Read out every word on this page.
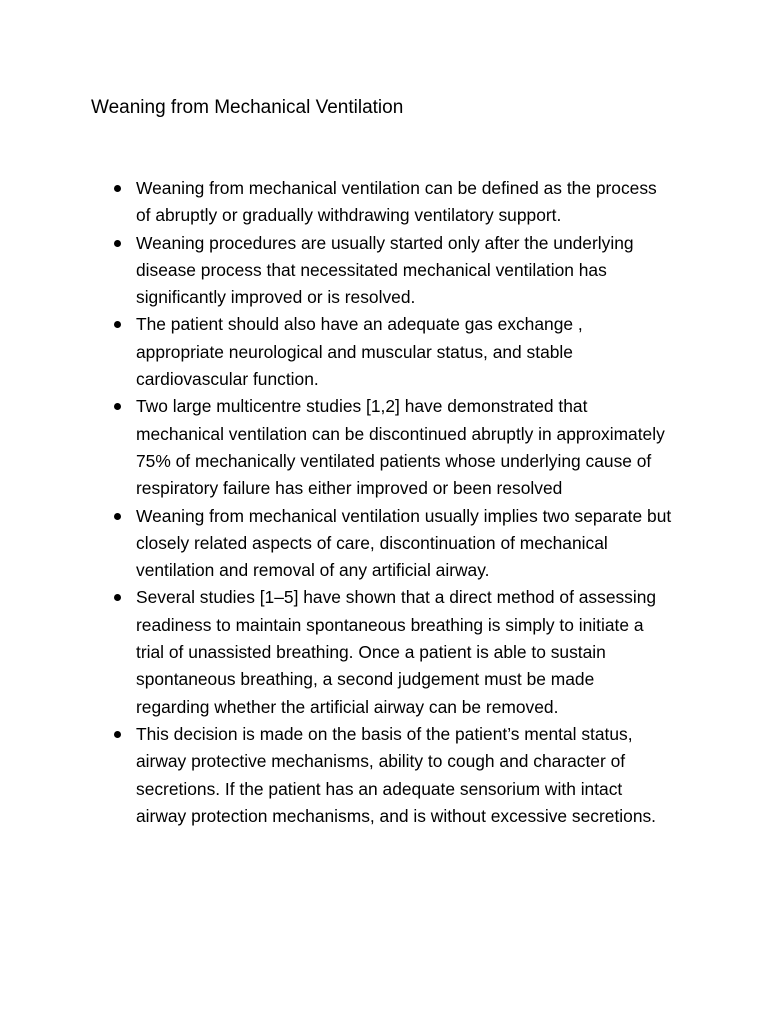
Weaning from Mechanical Ventilation
Weaning from mechanical ventilation can be defined as the process of abruptly or gradually withdrawing ventilatory support.
Weaning procedures are usually started only after the underlying disease process that necessitated mechanical ventilation has significantly improved or is resolved.
The patient should also have an adequate gas exchange , appropriate neurological and muscular status, and stable cardiovascular function.
Two large multicentre studies [1,2] have demonstrated that mechanical ventilation can be discontinued abruptly in approximately 75% of mechanically ventilated patients whose underlying cause of respiratory failure has either improved or been resolved
Weaning from mechanical ventilation usually implies two separate but closely related aspects of care, discontinuation of mechanical ventilation and removal of any artificial airway.
Several studies [1–5] have shown that a direct method of assessing readiness to maintain spontaneous breathing is simply to initiate a trial of unassisted breathing. Once a patient is able to sustain spontaneous breathing, a second judgement must be made regarding whether the artificial airway can be removed.
This decision is made on the basis of the patient’s mental status, airway protective mechanisms, ability to cough and character of secretions. If the patient has an adequate sensorium with intact airway protection mechanisms, and is without excessive secretions.
